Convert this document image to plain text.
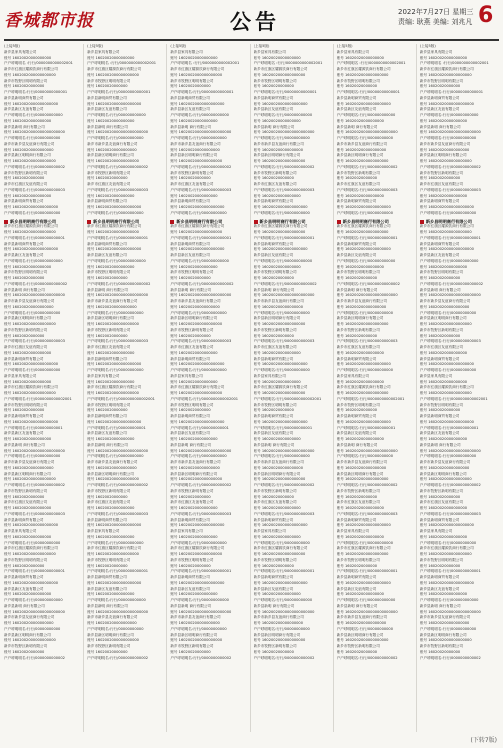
香城都市报	公告	2022年7月27日 星期三
责编: 耿燕 美编: 刘兆凡 6
(上接5版)
新乡县家具有限公司
账号 16020020000000000
户户呼明明名 :行行/0000000000002001
新乡市红旗区耀源饮商行有限公司
账号 1602002000000000000
新乡市牧野区明明有限公司
账号 16020020000000
户户呼明明名:行行/00000000000001
新乡县新明商贸有限公司
账号 16020020000000000000
新乡县新区友谊有限公司
户户呼明明名:行行/000000000000
账号 16020020000000000
新乡县新明 商行有限公司
账号 16020020000000000000000
户户呼明明名:行行/00000000000
新乡市新乡县友谊商行有限公司
账号 160200200000000000
新乡县新区明明商行有限公司
账号 1602002000000000000
户户呼明明名:行行/0000000000002
新乡市牧野区新明有限公司
账号 16020020000000
新乡市红旗区友谊有限公司
户户呼明明名:行行/0000000000003
账号 16020020000000000
新乡县新明商贸有限公司
账号 16020020000000000000
户户呼明明名:行行/00000000000
新乡县明明商行有限公司
新乡市红旗区耀源饮商行有限公司
账号 1602002000000000000
户户呼明明名:行行/0000000000001
新乡县新明商贸有限公司
账号 16020020000000000000
新乡县新区友谊有限公司
户户呼明明名:行行/000000000000
账号 16020020000000000
新乡市牧野区明明有限公司
账号 16020020000000
户户呼明明名:行行/00000000000002
新乡县新明 商行有限公司
账号 16020020000000000000000
新乡市新乡县友谊商行有限公司
账号 160200200000000000
户户呼明明名:行行/00000000000
新乡县新区明明商行有限公司
账号 1602002000000000000
新乡市牧野区新明有限公司
账号 16020020000000
户户呼明明名:行行/0000000000003
新乡市红旗区友谊有限公司
账号 16020020000000000
新乡县新明商贸有限公司
账号 16020020000000000000
户户呼明明名:行行/00000000000
新乡县家具有限公司
账号 16020020000000000
新乡市红旗区耀源饮商行有限公司
账号 1602002000000000000
户户呼明明名:行行/0000000000002001
新乡市牧野区明明有限公司
账号 16020020000000
新乡县新明商贸有限公司
账号 16020020000000000000
户户呼明明名:行行/000000000001
新乡县新区友谊有限公司
账号 16020020000000000
新乡县新明 商行有限公司
账号 16020020000000000000000
户户呼明明名:行行/00000000000
新乡市新乡县友谊商行有限公司
账号 160200200000000000
新乡县新区明明商行有限公司
账号 1602002000000000000
户户呼明明名:行行/0000000000002
新乡市牧野区新明有限公司
账号 16020020000000
新乡市红旗区友谊有限公司
账号 16020020000000000
户户呼明明名:行行/0000000000003
新乡县新明商贸有限公司
账号 16020020000000000000
新乡县家具有限公司
账号 16020020000000000
户户呼明明名:行行/00000000000
新乡市红旗区耀源饮商行有限公司
账号 1602002000000000000
新乡市牧野区明明有限公司
账号 16020020000000
户户呼明明名:行行/0000000000001
新乡县新明商贸有限公司
账号 16020020000000000000
新乡县新区友谊有限公司
账号 16020020000000000
户户呼明明名:行行/000000000000
新乡县新明 商行有限公司
账号 16020020000000000000000
新乡市新乡县友谊商行有限公司
账号 160200200000000000
户户呼明明名:行行/00000000000
新乡县新区明明商行有限公司
账号 1602002000000000000
新乡市牧野区新明有限公司
账号 16020020000000
户户呼明明名:行行/0000000000002
(上接5版)
新乡县家具有限公司
账号 16020020000000000
户户呼明明名 :行行/0000000000002001
新乡市红旗区耀源饮商行有限公司
账号 1602002000000000000
新乡市牧野区明明有限公司
账号 16020020000000
户户呼明明名:行行/00000000000001
新乡县新明商贸有限公司
账号 16020020000000000000
新乡县新区友谊有限公司
户户呼明明名:行行/000000000000
账号 16020020000000000
新乡县新明 商行有限公司
账号 16020020000000000000000
户户呼明明名:行行/00000000000
新乡市新乡县友谊商行有限公司
账号 160200200000000000
新乡县新区明明商行有限公司
账号 1602002000000000000
户户呼明明名:行行/0000000000002
新乡市牧野区新明有限公司
账号 16020020000000
新乡市红旗区友谊有限公司
户户呼明明名:行行/0000000000003
账号 16020020000000000
新乡县新明商贸有限公司
账号 16020020000000000000
户户呼明明名:行行/00000000000
新乡县明明商行有限公司
新乡市红旗区耀源饮商行有限公司
账号 1602002000000000000
户户呼明明名:行行/0000000000001
新乡县新明商贸有限公司
账号 16020020000000000000
新乡县新区友谊有限公司
户户呼明明名:行行/000000000000
账号 16020020000000000
新乡市牧野区明明有限公司
账号 16020020000000
户户呼明明名:行行/00000000000002
新乡县新明 商行有限公司
账号 16020020000000000000000
新乡市新乡县友谊商行有限公司
账号 160200200000000000
户户呼明明名:行行/00000000000
新乡县新区明明商行有限公司
账号 1602002000000000000
新乡市牧野区新明有限公司
账号 16020020000000
户户呼明明名:行行/0000000000003
新乡市红旗区友谊有限公司
账号 16020020000000000
新乡县新明商贸有限公司
账号 16020020000000000000
户户呼明明名:行行/00000000000
新乡县家具有限公司
账号 16020020000000000
新乡市红旗区耀源饮商行有限公司
账号 1602002000000000000
户户呼明明名:行行/0000000000002001
新乡市牧野区明明有限公司
账号 16020020000000
新乡县新明商贸有限公司
账号 16020020000000000000
户户呼明明名:行行/000000000001
新乡县新区友谊有限公司
账号 16020020000000000
新乡县新明 商行有限公司
账号 16020020000000000000000
户户呼明明名:行行/00000000000
新乡市新乡县友谊商行有限公司
账号 160200200000000000
新乡县新区明明商行有限公司
账号 1602002000000000000
户户呼明明名:行行/0000000000002
新乡市牧野区新明有限公司
账号 16020020000000
新乡市红旗区友谊有限公司
账号 16020020000000000
户户呼明明名:行行/0000000000003
新乡县新明商贸有限公司
账号 16020020000000000000
新乡县家具有限公司
账号 16020020000000000
户户呼明明名:行行/00000000000
新乡市红旗区耀源饮商行有限公司
账号 1602002000000000000
新乡市牧野区明明有限公司
账号 16020020000000
户户呼明明名:行行/0000000000001
新乡县新明商贸有限公司
账号 16020020000000000000
新乡县新区友谊有限公司
账号 16020020000000000
户户呼明明名:行行/000000000000
新乡县新明 商行有限公司
账号 16020020000000000000000
新乡市新乡县友谊商行有限公司
账号 160200200000000000
户户呼明明名:行行/00000000000
新乡县新区明明商行有限公司
账号 1602002000000000000
新乡市牧野区新明有限公司
账号 16020020000000
户户呼明明名:行行/0000000000002
(上接5版)
新乡县家具有限公司
账号 16020020000000000
户户呼明明名 :行行/0000000000002001
新乡市红旗区耀源饮商行有限公司
账号 1602002000000000000
新乡市牧野区明明有限公司
账号 16020020000000
户户呼明明名:行行/00000000000001
新乡县新明商贸有限公司
账号 16020020000000000000
新乡县新区友谊有限公司
户户呼明明名:行行/000000000000
账号 16020020000000000
新乡县新明 商行有限公司
账号 16020020000000000000000
户户呼明明名:行行/00000000000
新乡市新乡县友谊商行有限公司
账号 160200200000000000
新乡县新区明明商行有限公司
账号 1602002000000000000
户户呼明明名:行行/0000000000002
新乡市牧野区新明有限公司
账号 16020020000000
新乡市红旗区友谊有限公司
户户呼明明名:行行/0000000000003
账号 16020020000000000
新乡县新明商贸有限公司
账号 16020020000000000000
户户呼明明名:行行/00000000000
新乡县明明商行有限公司
新乡市红旗区耀源饮商行有限公司
账号 1602002000000000000
户户呼明明名:行行/0000000000001
新乡县新明商贸有限公司
账号 16020020000000000000
新乡县新区友谊有限公司
户户呼明明名:行行/000000000000
账号 16020020000000000
新乡市牧野区明明有限公司
账号 16020020000000
户户呼明明名:行行/00000000000002
新乡县新明 商行有限公司
账号 16020020000000000000000
新乡市新乡县友谊商行有限公司
账号 160200200000000000
户户呼明明名:行行/00000000000
新乡县新区明明商行有限公司
账号 1602002000000000000
新乡市牧野区新明有限公司
账号 16020020000000
户户呼明明名:行行/0000000000003
新乡市红旗区友谊有限公司
账号 16020020000000000
新乡县新明商贸有限公司
账号 16020020000000000000
户户呼明明名:行行/00000000000
新乡县家具有限公司
账号 16020020000000000
新乡市红旗区耀源饮商行有限公司
账号 1602002000000000000
户户呼明明名:行行/0000000000002001
新乡市牧野区明明有限公司
账号 16020020000000
新乡县新明商贸有限公司
账号 16020020000000000000
户户呼明明名:行行/000000000001
新乡县新区友谊有限公司
账号 16020020000000000
新乡县新明 商行有限公司
账号 16020020000000000000000
户户呼明明名:行行/00000000000
新乡市新乡县友谊商行有限公司
账号 160200200000000000
新乡县新区明明商行有限公司
账号 1602002000000000000
户户呼明明名:行行/0000000000002
新乡市牧野区新明有限公司
账号 16020020000000
新乡市红旗区友谊有限公司
账号 16020020000000000
户户呼明明名:行行/0000000000003
新乡县新明商贸有限公司
账号 16020020000000000000
新乡县家具有限公司
账号 16020020000000000
户户呼明明名:行行/00000000000
新乡市红旗区耀源饮商行有限公司
账号 1602002000000000000
新乡市牧野区明明有限公司
账号 16020020000000
户户呼明明名:行行/0000000000001
新乡县新明商贸有限公司
账号 16020020000000000000
新乡县新区友谊有限公司
账号 16020020000000000
户户呼明明名:行行/000000000000
新乡县新明 商行有限公司
账号 16020020000000000000000
新乡市新乡县友谊商行有限公司
账号 160200200000000000
户户呼明明名:行行/00000000000
新乡县新区明明商行有限公司
账号 1602002000000000000
新乡市牧野区新明有限公司
账号 16020020000000
户户呼明明名:行行/0000000000002
(上接5版)
新乡县家具有限公司
账号 16020020000000000
户户呼明明名 :行行/0000000000002001
新乡市红旗区耀源饮商行有限公司
账号 1602002000000000000
新乡市牧野区明明有限公司
账号 16020020000000
户户呼明明名:行行/00000000000001
新乡县新明商贸有限公司
账号 16020020000000000000
新乡县新区友谊有限公司
户户呼明明名:行行/000000000000
账号 16020020000000000
新乡县新明 商行有限公司
账号 16020020000000000000000
户户呼明明名:行行/00000000000
新乡市新乡县友谊商行有限公司
账号 160200200000000000
新乡县新区明明商行有限公司
账号 1602002000000000000
户户呼明明名:行行/0000000000002
新乡市牧野区新明有限公司
账号 16020020000000
新乡市红旗区友谊有限公司
户户呼明明名:行行/0000000000003
账号 16020020000000000
新乡县新明商贸有限公司
账号 16020020000000000000
户户呼明明名:行行/00000000000
新乡县明明商行有限公司
新乡市红旗区耀源饮商行有限公司
账号 1602002000000000000
户户呼明明名:行行/0000000000001
新乡县新明商贸有限公司
账号 16020020000000000000
新乡县新区友谊有限公司
户户呼明明名:行行/000000000000
账号 16020020000000000
新乡市牧野区明明有限公司
账号 16020020000000
户户呼明明名:行行/00000000000002
新乡县新明 商行有限公司
账号 16020020000000000000000
新乡市新乡县友谊商行有限公司
账号 160200200000000000
户户呼明明名:行行/00000000000
新乡县新区明明商行有限公司
账号 1602002000000000000
新乡市牧野区新明有限公司
账号 16020020000000
户户呼明明名:行行/0000000000003
新乡市红旗区友谊有限公司
账号 16020020000000000
新乡县新明商贸有限公司
账号 16020020000000000000
户户呼明明名:行行/00000000000
新乡县家具有限公司
账号 16020020000000000
新乡市红旗区耀源饮商行有限公司
账号 1602002000000000000
户户呼明明名:行行/0000000000002001
新乡市牧野区明明有限公司
账号 16020020000000
新乡县新明商贸有限公司
账号 16020020000000000000
户户呼明明名:行行/000000000001
新乡县新区友谊有限公司
账号 16020020000000000
新乡县新明 商行有限公司
账号 16020020000000000000000
户户呼明明名:行行/00000000000
新乡市新乡县友谊商行有限公司
账号 160200200000000000
新乡县新区明明商行有限公司
账号 1602002000000000000
户户呼明明名:行行/0000000000002
新乡市牧野区新明有限公司
账号 16020020000000
新乡市红旗区友谊有限公司
账号 16020020000000000
户户呼明明名:行行/0000000000003
新乡县新明商贸有限公司
账号 16020020000000000000
新乡县家具有限公司
账号 16020020000000000
户户呼明明名:行行/00000000000
新乡市红旗区耀源饮商行有限公司
账号 1602002000000000000
新乡市牧野区明明有限公司
账号 16020020000000
户户呼明明名:行行/0000000000001
新乡县新明商贸有限公司
账号 16020020000000000000
新乡县新区友谊有限公司
账号 16020020000000000
户户呼明明名:行行/000000000000
新乡县新明 商行有限公司
账号 16020020000000000000000
新乡市新乡县友谊商行有限公司
账号 160200200000000000
户户呼明明名:行行/00000000000
新乡县新区明明商行有限公司
账号 1602002000000000000
新乡市牧野区新明有限公司
账号 16020020000000
户户呼明明名:行行/0000000000002
(上接5版)
新乡县家具有限公司
账号 16020020000000000
户户呼明明名 :行行/0000000000002001
新乡市红旗区耀源饮商行有限公司
账号 1602002000000000000
新乡市牧野区明明有限公司
账号 16020020000000
户户呼明明名:行行/00000000000001
新乡县新明商贸有限公司
账号 16020020000000000000
新乡县新区友谊有限公司
户户呼明明名:行行/000000000000
账号 16020020000000000
新乡县新明 商行有限公司
账号 16020020000000000000000
户户呼明明名:行行/00000000000
新乡市新乡县友谊商行有限公司
账号 160200200000000000
新乡县新区明明商行有限公司
账号 1602002000000000000
户户呼明明名:行行/0000000000002
新乡市牧野区新明有限公司
账号 16020020000000
新乡市红旗区友谊有限公司
户户呼明明名:行行/0000000000003
账号 16020020000000000
新乡县新明商贸有限公司
账号 16020020000000000000
户户呼明明名:行行/00000000000
新乡县明明商行有限公司
新乡市红旗区耀源饮商行有限公司
账号 1602002000000000000
户户呼明明名:行行/0000000000001
新乡县新明商贸有限公司
账号 16020020000000000000
新乡县新区友谊有限公司
户户呼明明名:行行/000000000000
账号 16020020000000000
新乡市牧野区明明有限公司
账号 16020020000000
户户呼明明名:行行/00000000000002
新乡县新明 商行有限公司
账号 16020020000000000000000
新乡市新乡县友谊商行有限公司
账号 160200200000000000
户户呼明明名:行行/00000000000
新乡县新区明明商行有限公司
账号 1602002000000000000
新乡市牧野区新明有限公司
账号 16020020000000
户户呼明明名:行行/0000000000003
新乡市红旗区友谊有限公司
账号 16020020000000000
新乡县新明商贸有限公司
账号 16020020000000000000
户户呼明明名:行行/00000000000
新乡县家具有限公司
账号 16020020000000000
新乡市红旗区耀源饮商行有限公司
账号 1602002000000000000
户户呼明明名:行行/0000000000002001
新乡市牧野区明明有限公司
账号 16020020000000
新乡县新明商贸有限公司
账号 16020020000000000000
户户呼明明名:行行/000000000001
新乡县新区友谊有限公司
账号 16020020000000000
新乡县新明 商行有限公司
账号 16020020000000000000000
户户呼明明名:行行/00000000000
新乡市新乡县友谊商行有限公司
账号 160200200000000000
新乡县新区明明商行有限公司
账号 1602002000000000000
户户呼明明名:行行/0000000000002
新乡市牧野区新明有限公司
账号 16020020000000
新乡市红旗区友谊有限公司
账号 16020020000000000
户户呼明明名:行行/0000000000003
新乡县新明商贸有限公司
账号 16020020000000000000
新乡县家具有限公司
账号 16020020000000000
户户呼明明名:行行/00000000000
新乡市红旗区耀源饮商行有限公司
账号 1602002000000000000
新乡市牧野区明明有限公司
账号 16020020000000
户户呼明明名:行行/0000000000001
新乡县新明商贸有限公司
账号 16020020000000000000
新乡县新区友谊有限公司
账号 16020020000000000
户户呼明明名:行行/000000000000
新乡县新明 商行有限公司
账号 16020020000000000000000
新乡市新乡县友谊商行有限公司
账号 160200200000000000
户户呼明明名:行行/00000000000
新乡县新区明明商行有限公司
账号 1602002000000000000
新乡市牧野区新明有限公司
账号 16020020000000
户户呼明明名:行行/0000000000002
(上接5版)
新乡县家具有限公司
账号 16020020000000000
户户呼明明名 :行行/0000000000002001
新乡市红旗区耀源饮商行有限公司
账号 1602002000000000000
新乡市牧野区明明有限公司
账号 16020020000000
户户呼明明名:行行/00000000000001
新乡县新明商贸有限公司
账号 16020020000000000000
新乡县新区友谊有限公司
户户呼明明名:行行/000000000000
账号 16020020000000000
新乡县新明 商行有限公司
账号 16020020000000000000000
户户呼明明名:行行/00000000000
新乡市新乡县友谊商行有限公司
账号 160200200000000000
新乡县新区明明商行有限公司
账号 1602002000000000000
户户呼明明名:行行/0000000000002
新乡市牧野区新明有限公司
账号 16020020000000
新乡市红旗区友谊有限公司
户户呼明明名:行行/0000000000003
账号 16020020000000000
新乡县新明商贸有限公司
账号 16020020000000000000
户户呼明明名:行行/00000000000
新乡县明明商行有限公司
新乡市红旗区耀源饮商行有限公司
账号 1602002000000000000
户户呼明明名:行行/0000000000001
新乡县新明商贸有限公司
账号 16020020000000000000
新乡县新区友谊有限公司
户户呼明明名:行行/000000000000
账号 16020020000000000
新乡市牧野区明明有限公司
账号 16020020000000
户户呼明明名:行行/00000000000002
新乡县新明 商行有限公司
账号 16020020000000000000000
新乡市新乡县友谊商行有限公司
账号 160200200000000000
户户呼明明名:行行/00000000000
新乡县新区明明商行有限公司
账号 1602002000000000000
新乡市牧野区新明有限公司
账号 16020020000000
户户呼明明名:行行/0000000000003
新乡市红旗区友谊有限公司
账号 16020020000000000
新乡县新明商贸有限公司
账号 16020020000000000000
户户呼明明名:行行/00000000000
新乡县家具有限公司
账号 16020020000000000
新乡市红旗区耀源饮商行有限公司
账号 1602002000000000000
户户呼明明名:行行/0000000000002001
新乡市牧野区明明有限公司
账号 16020020000000
新乡县新明商贸有限公司
账号 16020020000000000000
户户呼明明名:行行/000000000001
新乡县新区友谊有限公司
账号 16020020000000000
新乡县新明 商行有限公司
账号 16020020000000000000000
户户呼明明名:行行/00000000000
新乡市新乡县友谊商行有限公司
账号 160200200000000000
新乡县新区明明商行有限公司
账号 1602002000000000000
户户呼明明名:行行/0000000000002
新乡市牧野区新明有限公司
账号 16020020000000
新乡市红旗区友谊有限公司
账号 16020020000000000
户户呼明明名:行行/0000000000003
新乡县新明商贸有限公司
账号 16020020000000000000
新乡县家具有限公司
账号 16020020000000000
户户呼明明名:行行/00000000000
新乡市红旗区耀源饮商行有限公司
账号 1602002000000000000
新乡市牧野区明明有限公司
账号 16020020000000
户户呼明明名:行行/0000000000001
新乡县新明商贸有限公司
账号 16020020000000000000
新乡县新区友谊有限公司
账号 16020020000000000
户户呼明明名:行行/000000000000
新乡县新明 商行有限公司
账号 16020020000000000000000
新乡市新乡县友谊商行有限公司
账号 160200200000000000
户户呼明明名:行行/00000000000
新乡县新区明明商行有限公司
账号 1602002000000000000
新乡市牧野区新明有限公司
账号 16020020000000
户户呼明明名:行行/0000000000002
(下转7版)
